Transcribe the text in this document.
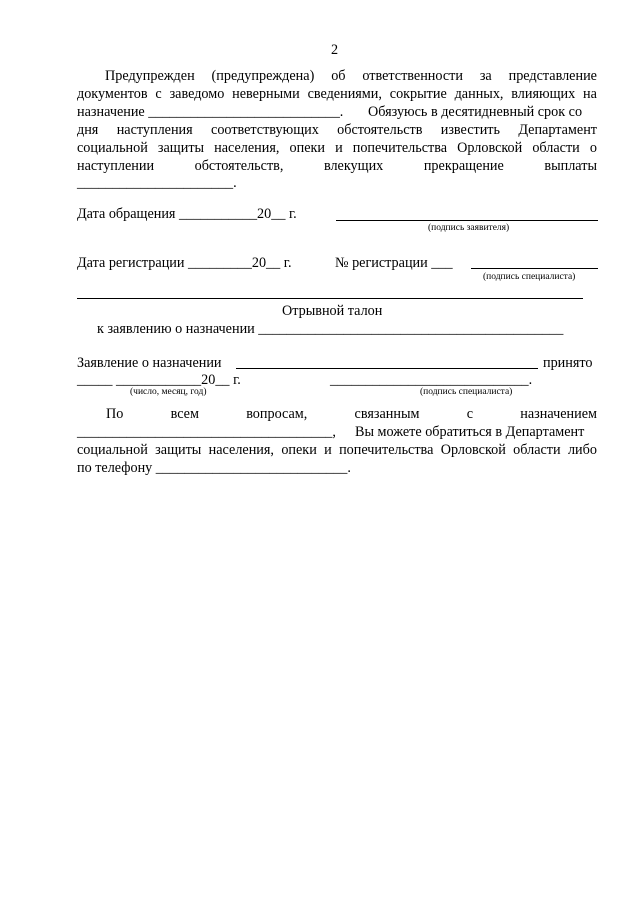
2
Предупрежден (предупреждена) об ответственности за представление
документов с заведомо неверными сведениями, сокрытие данных, влияющих на
назначение ___________________________. Обязуюсь в десятидневный срок со
дня наступления соответствующих обстоятельств известить Департамент
социальной защиты населения, опеки и попечительства Орловской области о
наступлении	обстоятельств,	влекущих	прекращение	выплаты
______________________.
Дата обращения ___________20__ г.
(подпись заявителя)
Дата регистрации _________20__ г.	№ регистрации ___
(подпись специалиста)
Отрывной талон
к заявлению о назначении ___________________________________________
Заявление о назначении	принято
_____ ____________20__ г.	____________________________.
(число, месяц, год)	(подпись специалиста)
По	всем	вопросам,	связанным	с	назначением
____________________________________, Вы можете обратиться в Департамент
социальной защиты населения, опеки и попечительства Орловской области либо
по телефону ___________________________.
